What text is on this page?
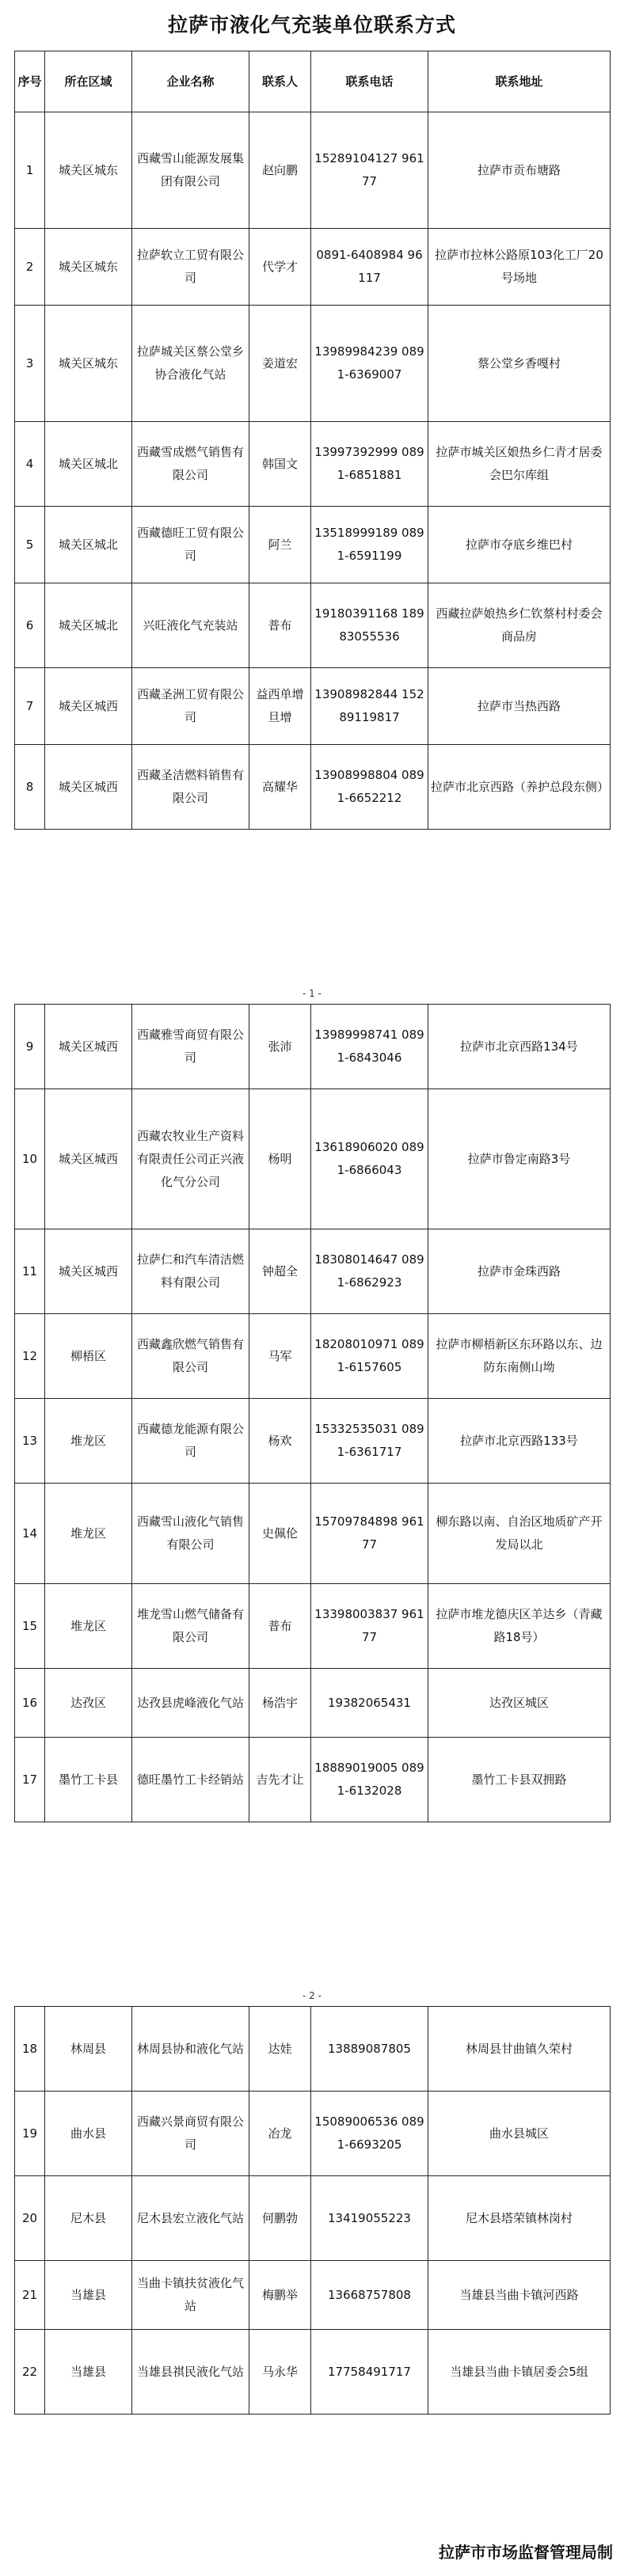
拉萨市液化气充装单位联系方式
序号	所在区域	企业名称	联系人	联系电话	联系地址
1	城关区城东	西藏雪山能源发展集团有限公司	赵向鹏	15289104127 96177	拉萨市贡布塘路
2	城关区城东	拉萨软立工贸有限公司	代学才	0891-6408984 96117	拉萨市拉林公路原103化工厂20号场地
3	城关区城东	拉萨城关区蔡公堂乡协合液化气站	姜道宏	13989984239 0891-6369007	蔡公堂乡香嘎村
4	城关区城北	西藏雪成燃气销售有限公司	韩国文	13997392999 0891-6851881	拉萨市城关区娘热乡仁青才居委会巴尔库组
5	城关区城北	西藏德旺工贸有限公司	阿兰	13518999189 0891-6591199	拉萨市夺底乡维巴村
6	城关区城北	兴旺液化气充装站	普布	19180391168 18983055536	西藏拉萨娘热乡仁钦蔡村村委会商品房
7	城关区城西	西藏圣洲工贸有限公司	益西单增旦增	13908982844 15289119817	拉萨市当热西路
8	城关区城西	西藏圣洁燃料销售有限公司	高耀华	13908998804 0891-6652212	拉萨市北京西路（养护总段东侧）
- 1 -
9	城关区城西	西藏雅雪商贸有限公司	张沛	13989998741 0891-6843046	拉萨市北京西路134号
10	城关区城西	西藏农牧业生产资料有限责任公司正兴液化气分公司	杨明	13618906020 0891-6866043	拉萨市鲁定南路3号
11	城关区城西	拉萨仁和汽车清洁燃料有限公司	钟超全	18308014647 0891-6862923	拉萨市金珠西路
12	柳梧区	西藏鑫欣燃气销售有限公司	马军	18208010971 0891-6157605	拉萨市柳梧新区东环路以东、边防东南侧山坳
13	堆龙区	西藏德龙能源有限公司	杨欢	15332535031 0891-6361717	拉萨市北京西路133号
14	堆龙区	西藏雪山液化气销售有限公司	史佩伦	15709784898 96177	柳东路以南、自治区地质矿产开发局以北
15	堆龙区	堆龙雪山燃气储备有限公司	普布	13398003837 96177	拉萨市堆龙德庆区羊达乡（青藏路18号）
16	达孜区	达孜县虎峰液化气站	杨浩宇	19382065431	达孜区城区
17	墨竹工卡县	德旺墨竹工卡经销站	吉先才让	18889019005 0891-6132028	墨竹工卡县双拥路
- 2 -
18	林周县	林周县协和液化气站	达娃	13889087805	林周县甘曲镇久荣村
19	曲水县	西藏兴景商贸有限公司	冶龙	15089006536 0891-6693205	曲水县城区
20	尼木县	尼木县宏立液化气站	何鹏勃	13419055223	尼木县塔荣镇林岗村
21	当雄县	当曲卡镇扶贫液化气站	梅鹏举	13668757808	当雄县当曲卡镇河西路
22	当雄县	当雄县祺民液化气站	马永华	17758491717	当雄县当曲卡镇居委会5组
拉萨市市场监督管理局制
